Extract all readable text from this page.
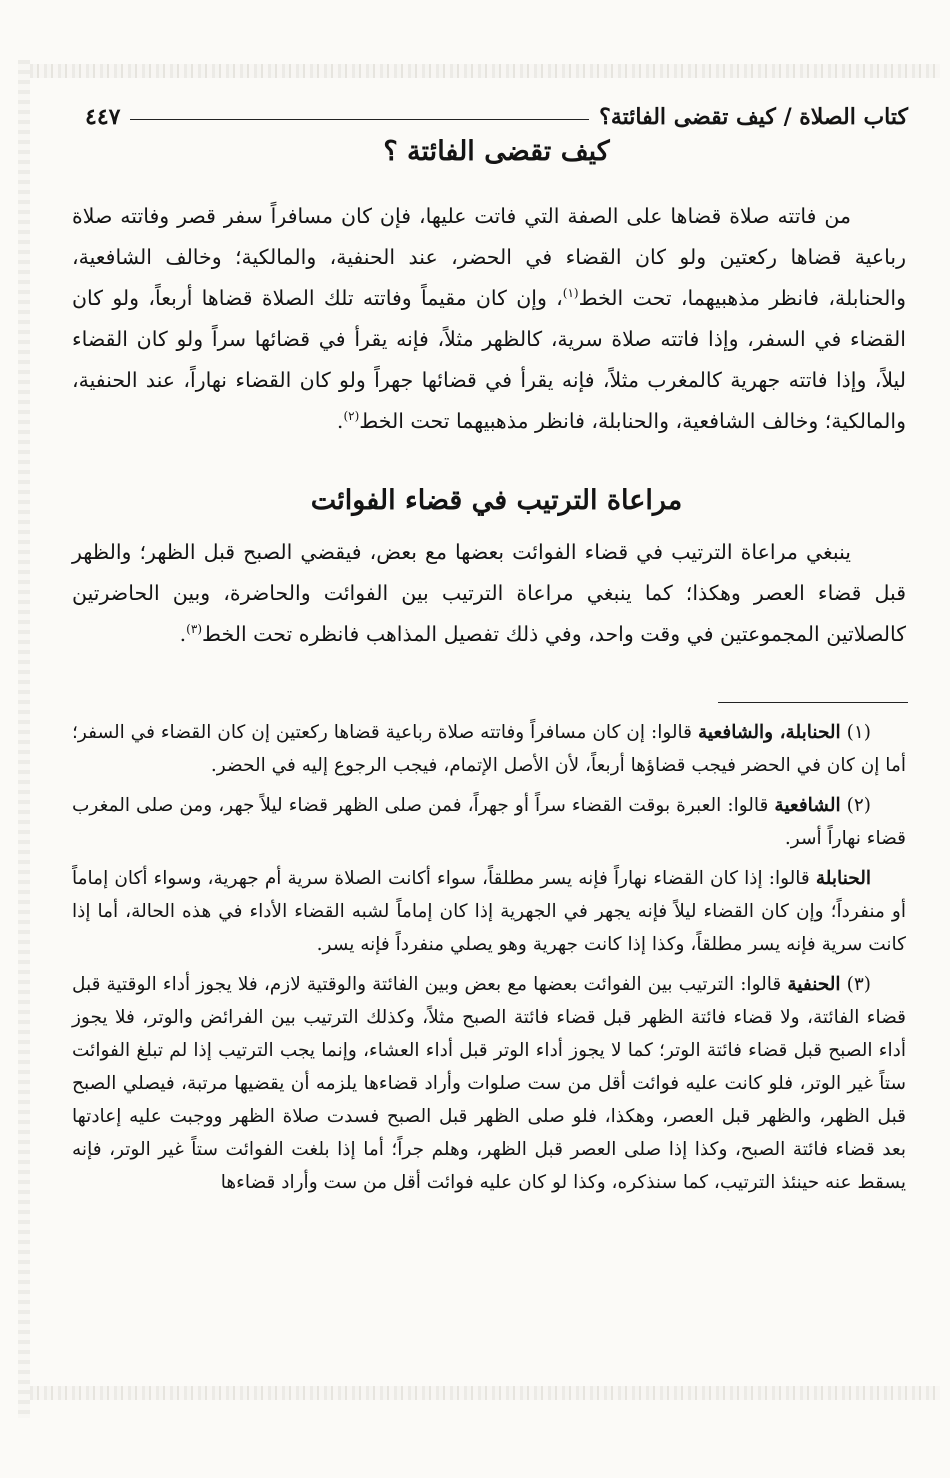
كتاب الصلاة / كيف تقضى الفائتة؟
٤٤٧
كيف تقضى الفائتة ؟

من فاتته صلاة قضاها على الصفة التي فاتت عليها، فإن كان مسافراً سفر قصر وفاتته صلاة رباعية قضاها ركعتين ولو كان القضاء في الحضر، عند الحنفية، والمالكية؛ وخالف الشافعية، والحنابلة، فانظر مذهبيهما، تحت الخط$^{(١)}$، وإن كان مقيماً وفاتته تلك الصلاة قضاها أربعاً، ولو كان القضاء في السفر، وإذا فاتته صلاة سرية، كالظهر مثلاً، فإنه يقرأ في قضائها سراً ولو كان القضاء ليلاً، وإذا فاتته جهرية كالمغرب مثلاً، فإنه يقرأ في قضائها جهراً ولو كان القضاء نهاراً، عند الحنفية، والمالكية؛ وخالف الشافعية، والحنابلة، فانظر مذهبيهما تحت الخط$^{(٢)}$.

مراعاة الترتيب في قضاء الفوائت

ينبغي مراعاة الترتيب في قضاء الفوائت بعضها مع بعض، فيقضي الصبح قبل الظهر؛ والظهر قبل قضاء العصر وهكذا؛ كما ينبغي مراعاة الترتيب بين الفوائت والحاضرة، وبين الحاضرتين كالصلاتين المجموعتين في وقت واحد، وفي ذلك تفصيل المذاهب فانظره تحت الخط$^{(٣)}$.

(١) الحنابلة، والشافعية قالوا: إن كان مسافراً وفاتته صلاة رباعية قضاها ركعتين إن كان القضاء في السفر؛ أما إن كان في الحضر فيجب قضاؤها أربعاً، لأن الأصل الإتمام، فيجب الرجوع إليه في الحضر.

(٢) الشافعية قالوا: العبرة بوقت القضاء سراً أو جهراً، فمن صلى الظهر قضاء ليلاً جهر، ومن صلى المغرب قضاء نهاراً أسر.

الحنابلة قالوا: إذا كان القضاء نهاراً فإنه يسر مطلقاً، سواء أكانت الصلاة سرية أم جهرية، وسواء أكان إماماً أو منفرداً؛ وإن كان القضاء ليلاً فإنه يجهر في الجهرية إذا كان إماماً لشبه القضاء الأداء في هذه الحالة، أما إذا كانت سرية فإنه يسر مطلقاً، وكذا إذا كانت جهرية وهو يصلي منفرداً فإنه يسر.

(٣) الحنفية قالوا: الترتيب بين الفوائت بعضها مع بعض وبين الفائتة والوقتية لازم، فلا يجوز أداء الوقتية قبل قضاء الفائتة، ولا قضاء فائتة الظهر قبل قضاء فائتة الصبح مثلاً، وكذلك الترتيب بين الفرائض والوتر، فلا يجوز أداء الصبح قبل قضاء فائتة الوتر؛ كما لا يجوز أداء الوتر قبل أداء العشاء، وإنما يجب الترتيب إذا لم تبلغ الفوائت ستاً غير الوتر، فلو كانت عليه فوائت أقل من ست صلوات وأراد قضاءها يلزمه أن يقضيها مرتبة، فيصلي الصبح قبل الظهر، والظهر قبل العصر، وهكذا، فلو صلى الظهر قبل الصبح فسدت صلاة الظهر ووجبت عليه إعادتها بعد قضاء فائتة الصبح، وكذا إذا صلى العصر قبل الظهر، وهلم جراً؛ أما إذا بلغت الفوائت ستاً غير الوتر، فإنه يسقط عنه حينئذ الترتيب، كما سنذكره، وكذا لو كان عليه فوائت أقل من ست وأراد قضاءها
